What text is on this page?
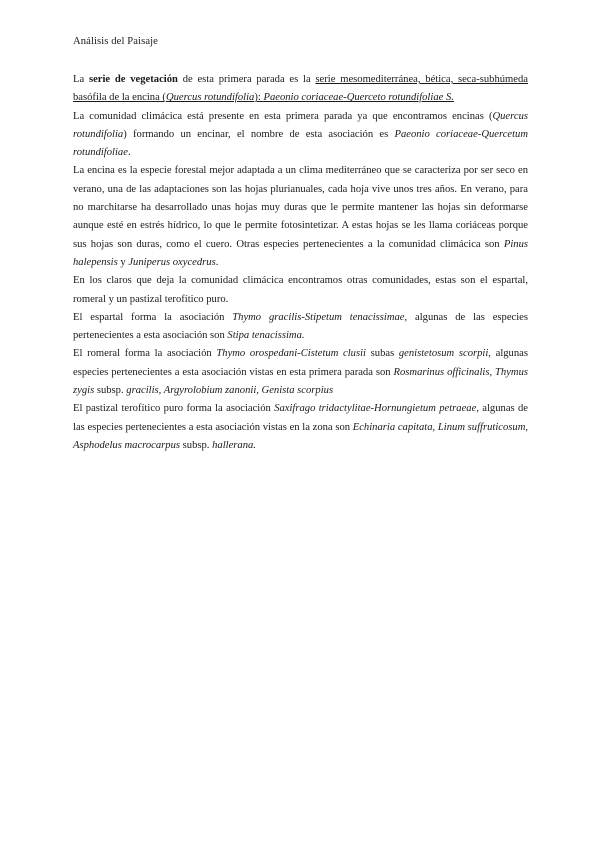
Análisis del Paisaje

La serie de vegetación de esta primera parada es la serie mesomediterránea, bética, seca-subhúmeda basófila de la encina (Quercus rotundifolia): Paeonio coriaceae-Querceto rotundifoliae S.

La comunidad climácica está presente en esta primera parada ya que encontramos encinas (Quercus rotundifolia) formando un encinar, el nombre de esta asociación es Paeonio coriaceae-Quercetum rotundifoliae.

La encina es la especie forestal mejor adaptada a un clima mediterráneo que se caracteriza por ser seco en verano, una de las adaptaciones son las hojas plurianuales, cada hoja vive unos tres años. En verano, para no marchitarse ha desarrollado unas hojas muy duras que le permite mantener las hojas sin deformarse aunque esté en estrés hídrico, lo que le permite fotosintetizar. A estas hojas se les llama coriáceas porque sus hojas son duras, como el cuero. Otras especies pertenecientes a la comunidad climácica son Pinus halepensis y Juniperus oxycedrus.

En los claros que deja la comunidad climácica encontramos otras comunidades, estas son el espartal, romeral y un pastizal terofítico puro.

El espartal forma la asociación Thymo gracilis-Stipetum tenacissimae, algunas de las especies pertenecientes a esta asociación son Stipa tenacissima.

El romeral forma la asociación Thymo orospedani-Cistetum clusii subas genistetosum scorpii, algunas especies pertenecientes a esta asociación vistas en esta primera parada son Rosmarinus officinalis, Thymus zygis subsp. gracilis, Argyrolobium zanonii, Genista scorpius

El pastizal terofítico puro forma la asociación Saxifrago tridactylitae-Hornungietum petraeae, algunas de las especies pertenecientes a esta asociación vistas en la zona son Echinaria capitata, Linum suffruticosum, Asphodelus macrocarpus subsp. hallerana.
